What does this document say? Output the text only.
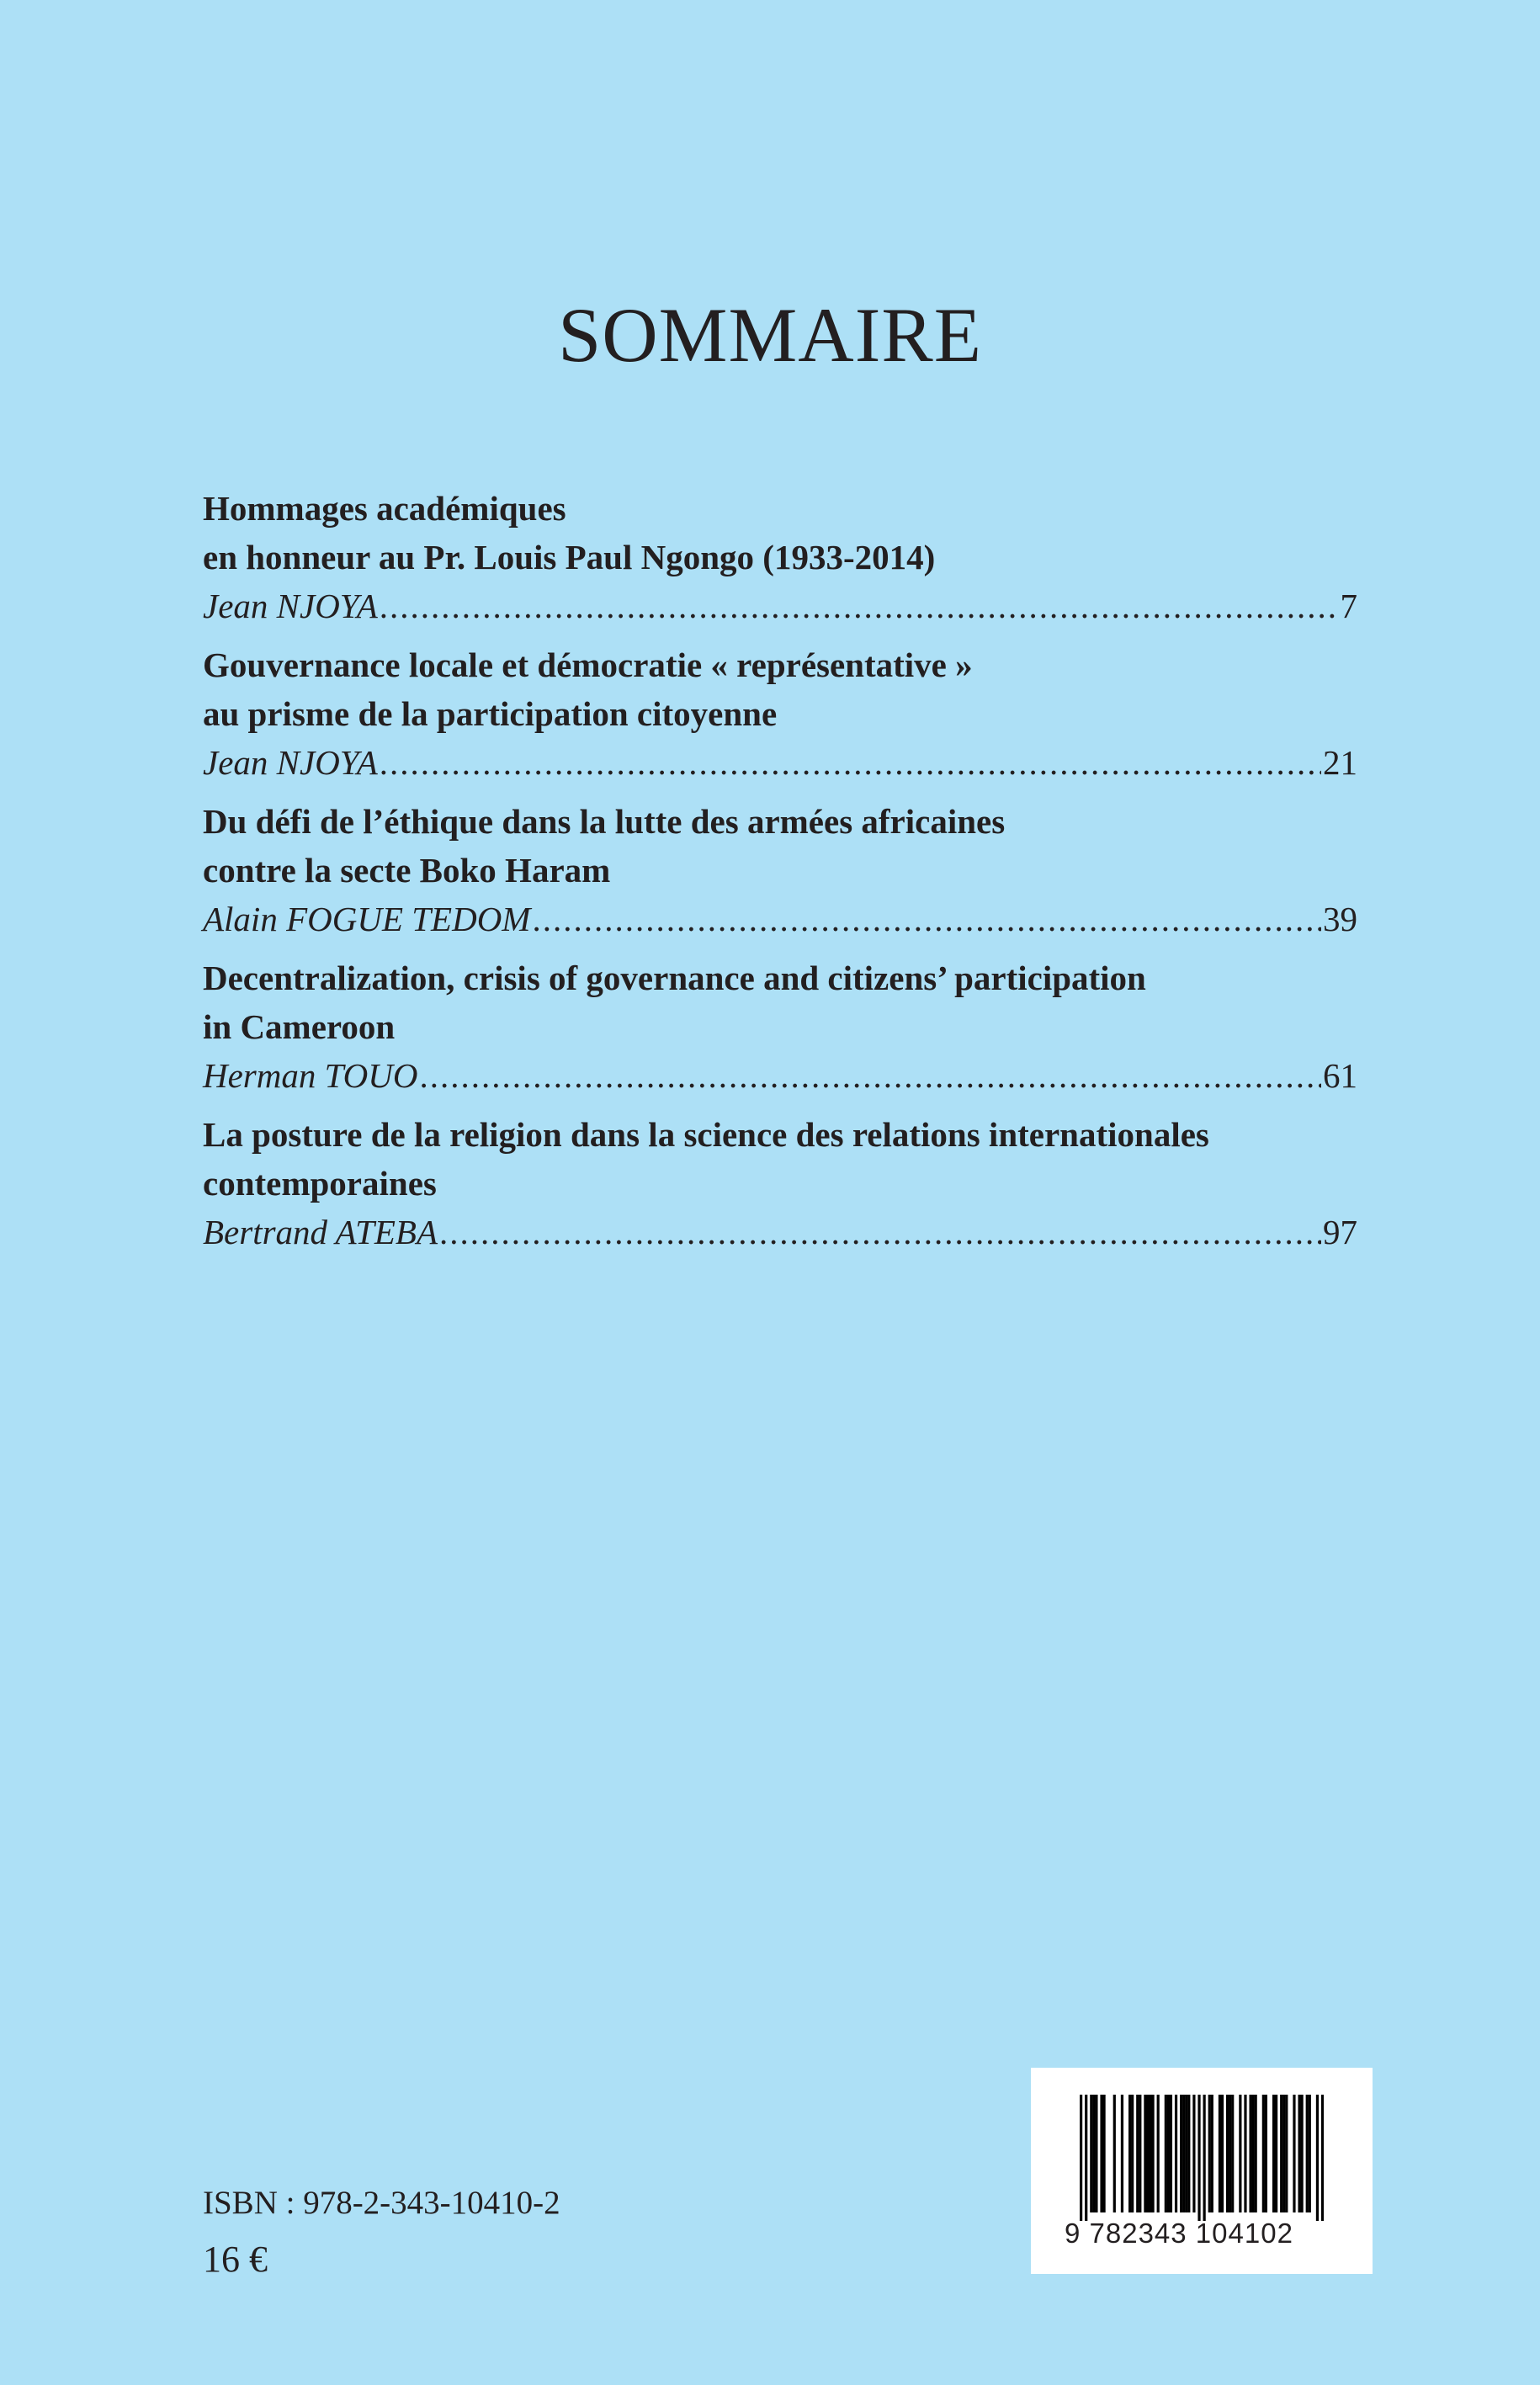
SOMMAIRE
Hommages académiques
en honneur au Pr. Louis Paul Ngongo (1933-2014)
Jean NJOYA .....	7
Gouvernance locale et démocratie « représentative »
au prisme de la participation citoyenne
Jean NJOYA .....	21
Du défi de l’éthique dans la lutte des armées africaines
contre la secte Boko Haram
Alain FOGUE TEDOM .....	39
Decentralization, crisis of governance and citizens’ participation
in Cameroon
Herman TOUO .....	61
La posture de la religion dans la science des relations internationales
contemporaines
Bertrand ATEBA .....	97
ISBN : 978-2-343-10410-2
16 €
9 782343 104102
